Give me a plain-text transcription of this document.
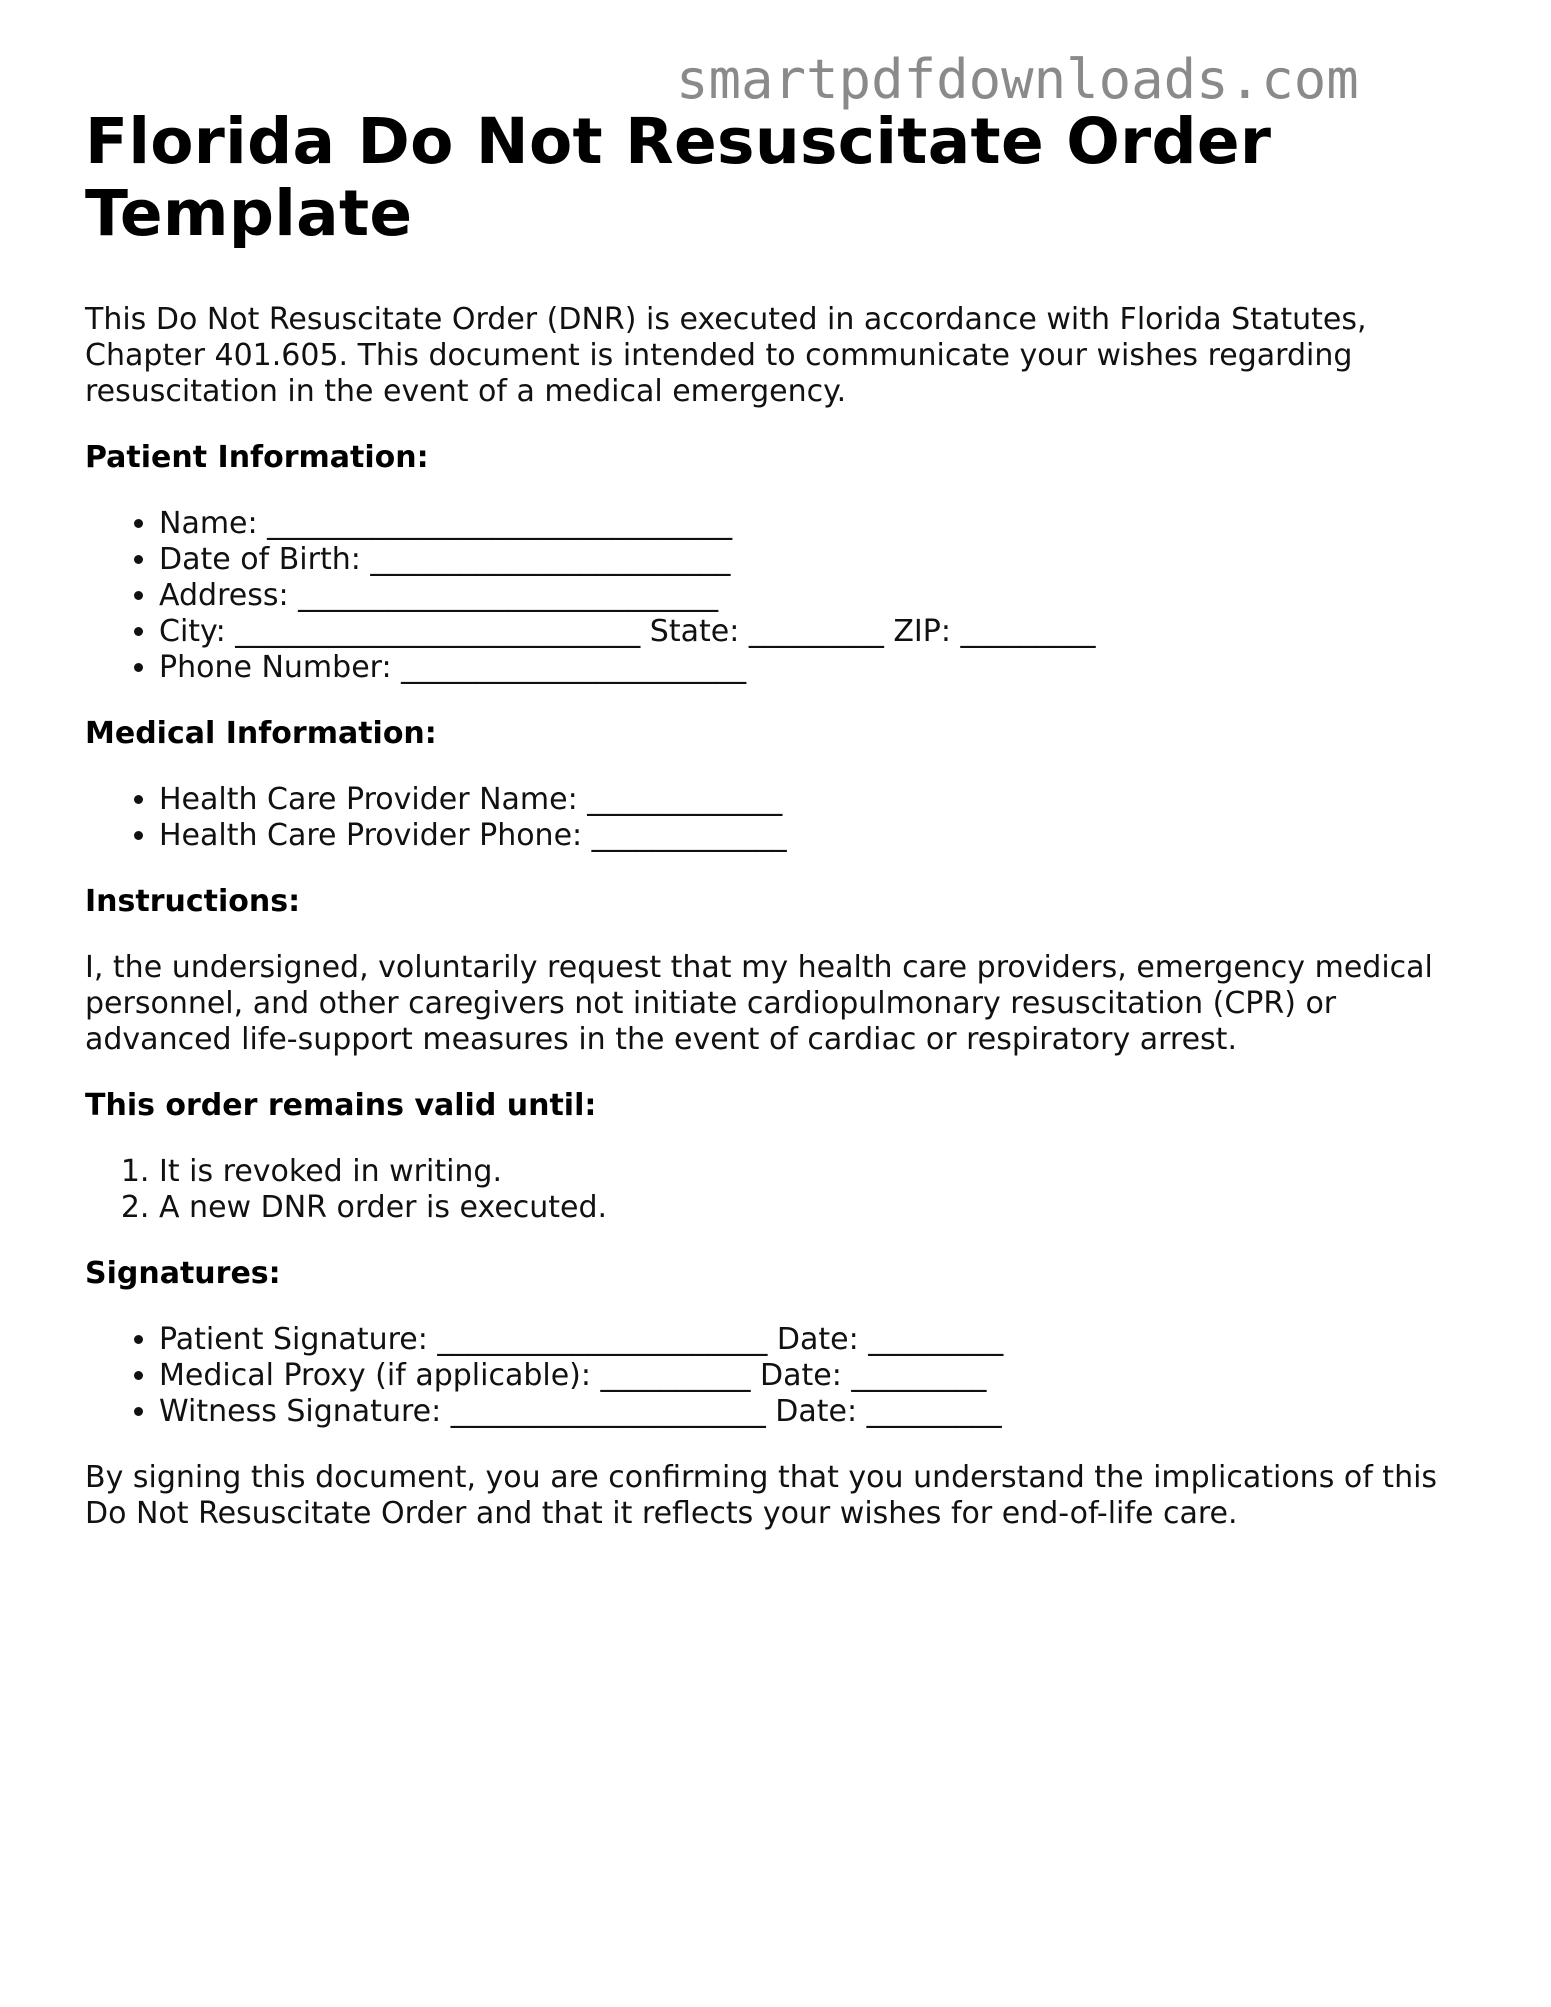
smartpdfdownloads.com
Florida Do Not Resuscitate Order Template

This Do Not Resuscitate Order (DNR) is executed in accordance with Florida Statutes, Chapter 401.605. This document is intended to communicate your wishes regarding resuscitation in the event of a medical emergency.

Patient Information:
• Name: _______________________________
• Date of Birth: ________________________
• Address: ____________________________
• City: ___________________________ State: _________ ZIP: _________
• Phone Number: _______________________
Medical Information:
• Health Care Provider Name: _____________
• Health Care Provider Phone: _____________
Instructions:

I, the undersigned, voluntarily request that my health care providers, emergency medical personnel, and other caregivers not initiate cardiopulmonary resuscitation (CPR) or advanced life-support measures in the event of cardiac or respiratory arrest.

This order remains valid until:
1. It is revoked in writing.
2. A new DNR order is executed.
Signatures:
• Patient Signature: ______________________ Date: _________
• Medical Proxy (if applicable): __________ Date: _________
• Witness Signature: _____________________ Date: _________

By signing this document, you are confirming that you understand the implications of this Do Not Resuscitate Order and that it reflects your wishes for end-of-life care.
